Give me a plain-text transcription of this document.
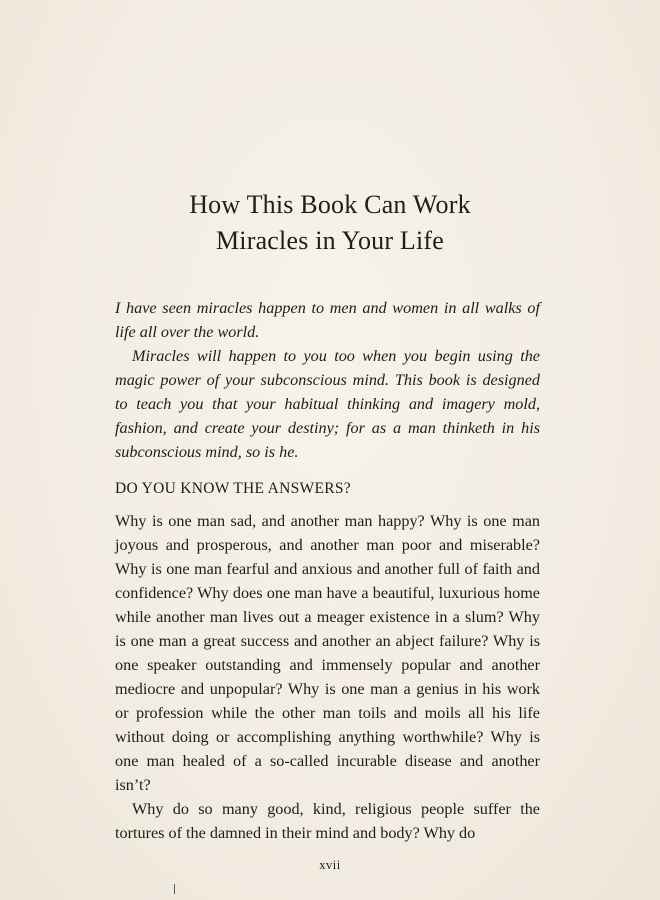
How This Book Can Work
Miracles in Your Life

I have seen miracles happen to men and women in all walks of life all over the world.

Miracles will happen to you too when you begin using the magic power of your subconscious mind. This book is designed to teach you that your habitual thinking and imagery mold, fashion, and create your destiny; for as a man thinketh in his subconscious mind, so is he.

DO YOU KNOW THE ANSWERS?

Why is one man sad, and another man happy? Why is one man joyous and prosperous, and another man poor and miserable? Why is one man fearful and anxious and another full of faith and confidence? Why does one man have a beautiful, luxurious home while another man lives out a meager existence in a slum? Why is one man a great success and another an abject failure? Why is one speaker outstanding and immensely popular and another mediocre and unpopular? Why is one man a genius in his work or profession while the other man toils and moils all his life without doing or accomplishing anything worthwhile? Why is one man healed of a so-called incurable disease and another isn’t?

Why do so many good, kind, religious people suffer the tortures of the damned in their mind and body? Why do

xvii
